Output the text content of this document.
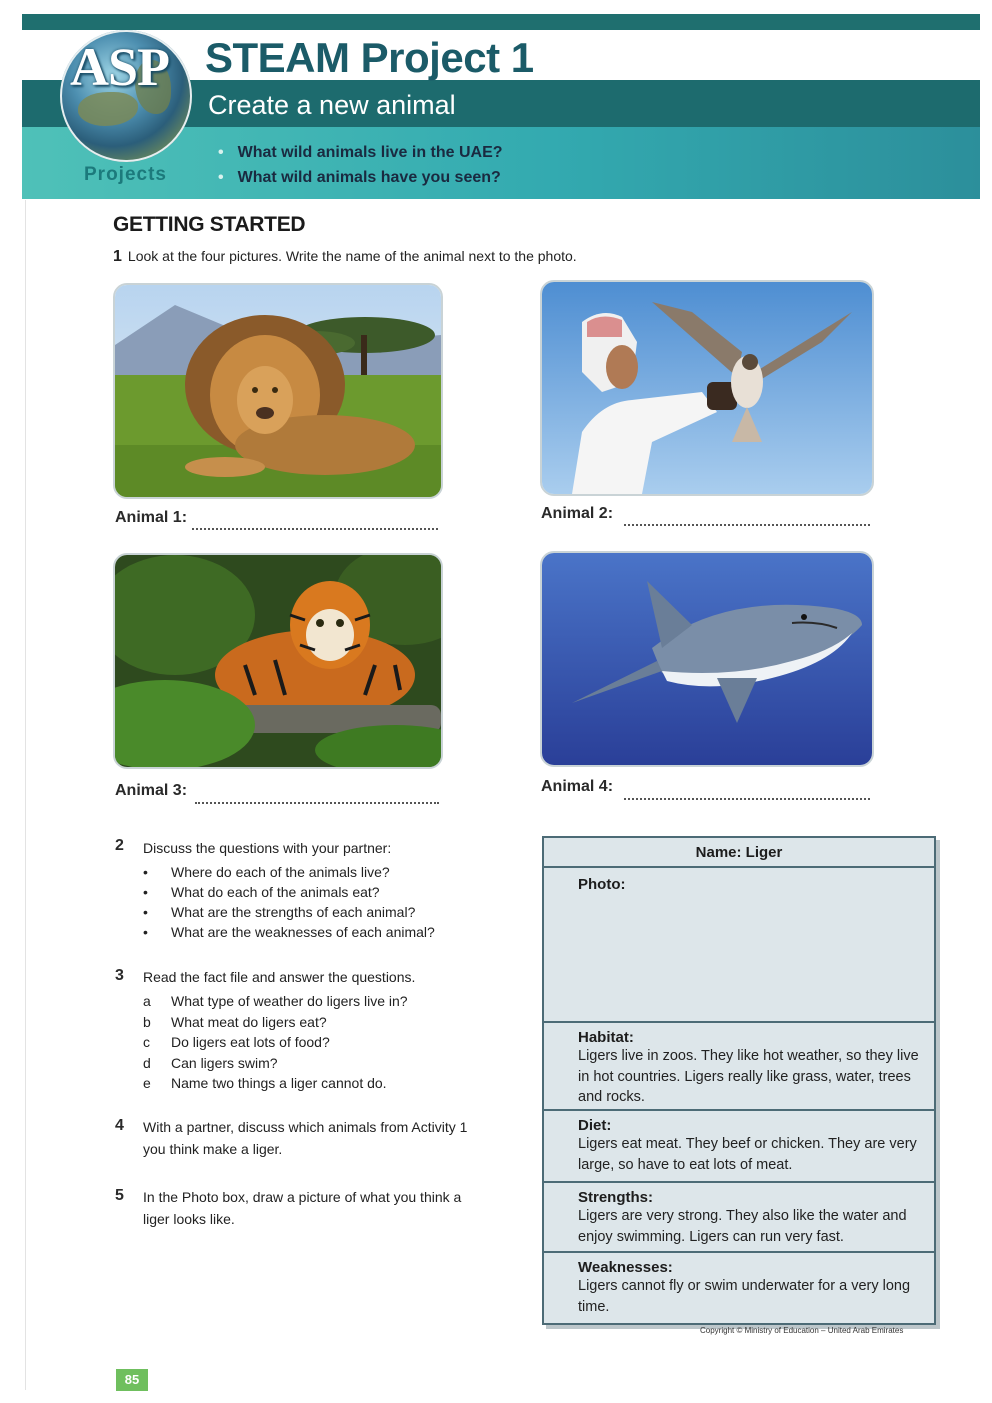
ASP
Projects
STEAM Project 1
Create a new animal
• What wild animals live in the UAE?
• What wild animals have you seen?
GETTING STARTED
1 Look at the four pictures. Write the name of the animal next to the photo.
Animal 1:	Animal 2:
Animal 3:	Animal 4:
2 Discuss the questions with your partner:
• Where do each of the animals live?
• What do each of the animals eat?
• What are the strengths of each animal?
• What are the weaknesses of each animal?
3 Read the fact file and answer the questions.
a What type of weather do ligers live in?
b What meat do ligers eat?
c Do ligers eat lots of food?
d Can ligers swim?
e Name two things a liger cannot do.
4 With a partner, discuss which animals from Activity 1
you think make a liger.
5 In the Photo box, draw a picture of what you think a
liger looks like.
Name: Liger
Photo:
Habitat:
Ligers live in zoos. They like hot weather, so they live in hot countries. Ligers really like grass, water, trees and rocks.
Diet:
Ligers eat meat. They beef or chicken. They are very large, so have to eat lots of meat.
Strengths:
Ligers are very strong. They also like the water and enjoy swimming. Ligers can run very fast.
Weaknesses:
Ligers cannot fly or swim underwater for a very long time.
Copyright © Ministry of Education – United Arab Emirates
85
